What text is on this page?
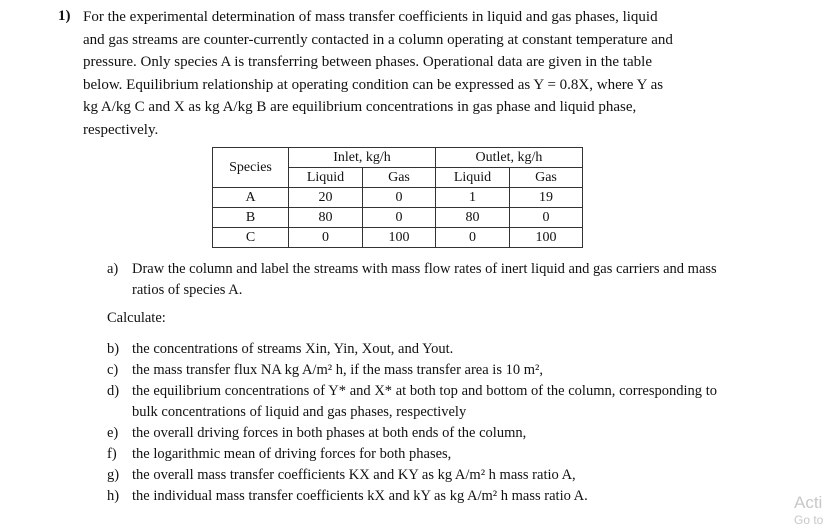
1) For the experimental determination of mass transfer coefficients in liquid and gas phases, liquid
and gas streams are counter-currently contacted in a column operating at constant temperature and
pressure. Only species A is transferring between phases. Operational data are given in the table
below. Equilibrium relationship at operating condition can be expressed as Y = 0.8X, where Y as
kg A/kg C and X as kg A/kg B are equilibrium concentrations in gas phase and liquid phase,
respectively.
Species	Inlet, kg/h		Outlet, kg/h	
	Liquid	Gas	Liquid	Gas
A	20	0	1	19
B	80	0	80	0
C	0	100	0	100
a) Draw the column and label the streams with mass flow rates of inert liquid and gas carriers and mass ratios of species A.
Calculate:
b) the concentrations of streams Xin, Yin, Xout, and Yout.
c) the mass transfer flux NA kg A/m² h, if the mass transfer area is 10 m²,
d) the equilibrium concentrations of Y* and X* at both top and bottom of the column, corresponding to bulk concentrations of liquid and gas phases, respectively
e) the overall driving forces in both phases at both ends of the column,
f) the logarithmic mean of driving forces for both phases,
g) the overall mass transfer coefficients KX and KY as kg A/m² h mass ratio A,
h) the individual mass transfer coefficients kX and kY as kg A/m² h mass ratio A.	Acti
Go to
